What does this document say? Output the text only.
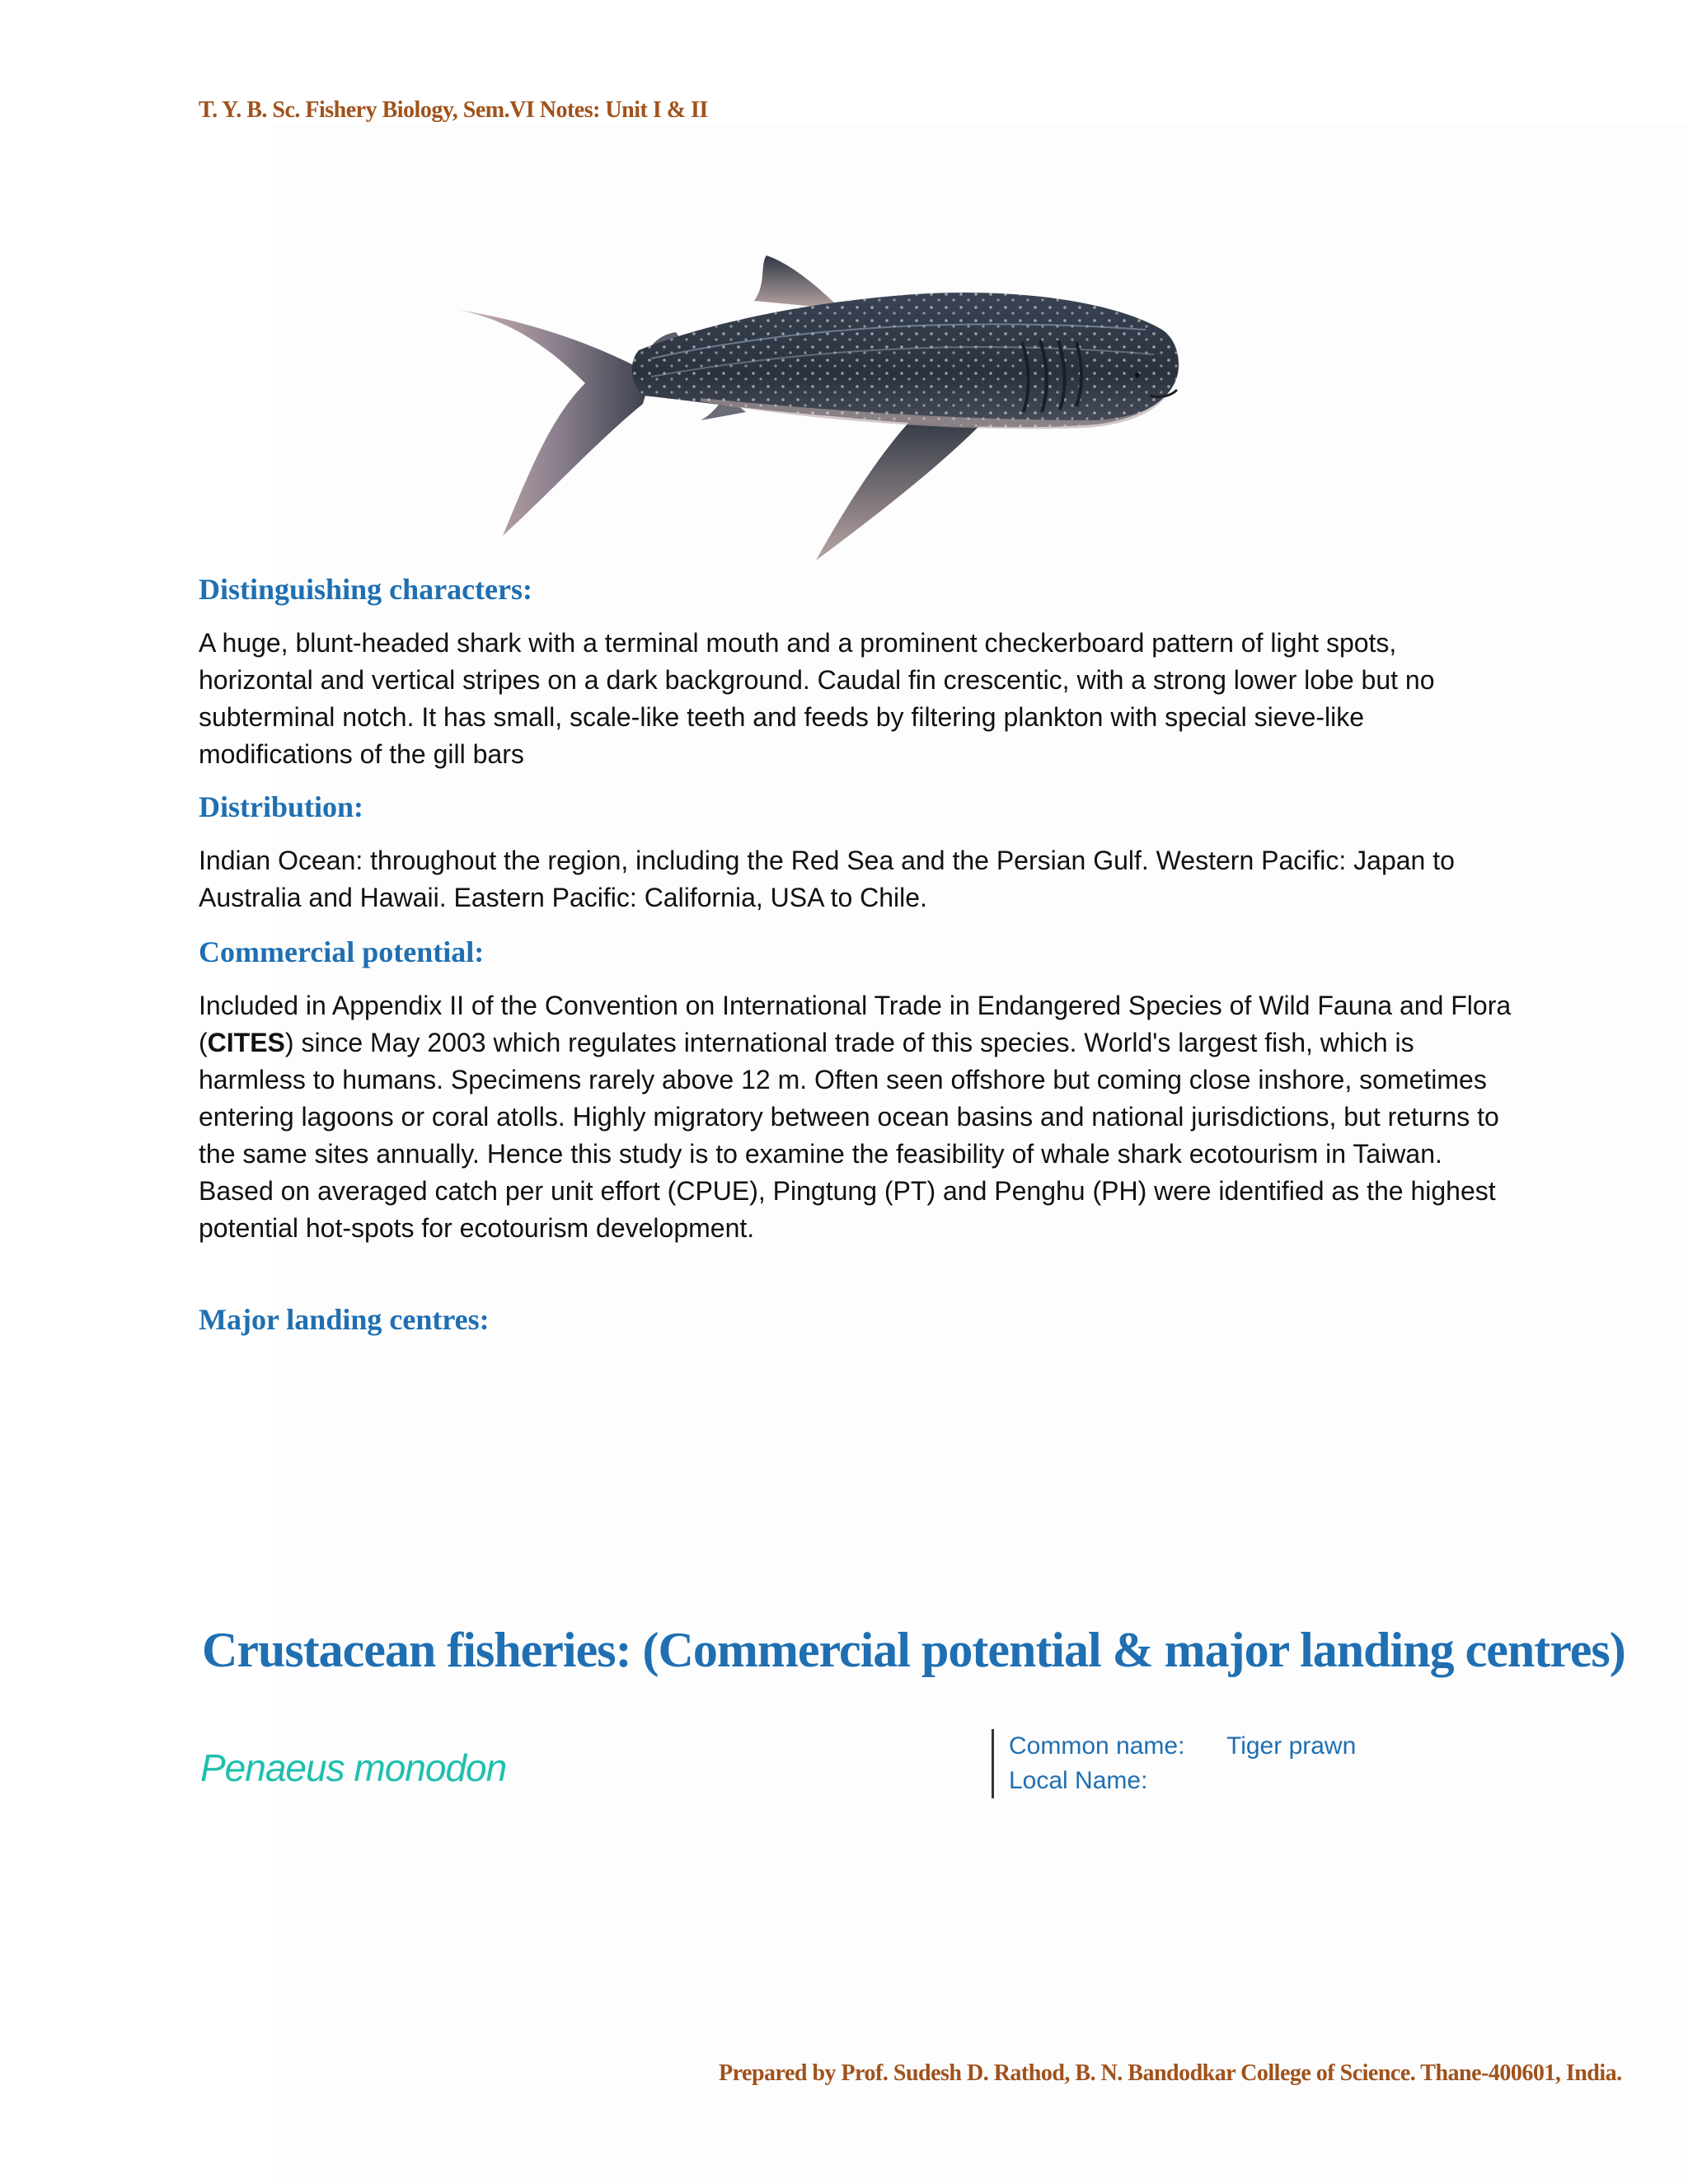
T. Y. B. Sc. Fishery Biology, Sem.VI Notes: Unit I & II
Distinguishing characters:
A huge, blunt-headed shark with a terminal mouth and a prominent checkerboard pattern of light spots, horizontal and vertical stripes on a dark background. Caudal fin crescentic, with a strong lower lobe but no subterminal notch. It has small, scale-like teeth and feeds by filtering plankton with special sieve-like modifications of the gill bars
Distribution:
Indian Ocean: throughout the region, including the Red Sea and the Persian Gulf. Western Pacific: Japan to Australia and Hawaii. Eastern Pacific: California, USA to Chile.
Commercial potential:
Included in Appendix II of the Convention on International Trade in Endangered Species of Wild Fauna and Flora (CITES) since May 2003 which regulates international trade of this species. World's largest fish, which is harmless to humans. Specimens rarely above 12 m. Often seen offshore but coming close inshore, sometimes entering lagoons or coral atolls. Highly migratory between ocean basins and national jurisdictions, but returns to the same sites annually. Hence this study is to examine the feasibility of whale shark ecotourism in Taiwan. Based on averaged catch per unit effort (CPUE), Pingtung (PT) and Penghu (PH) were identified as the highest potential hot-spots for ecotourism development.
Major landing centres:
Crustacean fisheries: (Commercial potential & major landing centres)
Penaeus monodon
Common name:	Tiger prawn
Local Name:
Prepared by Prof. Sudesh D. Rathod, B. N. Bandodkar College of Science. Thane-400601, India.
